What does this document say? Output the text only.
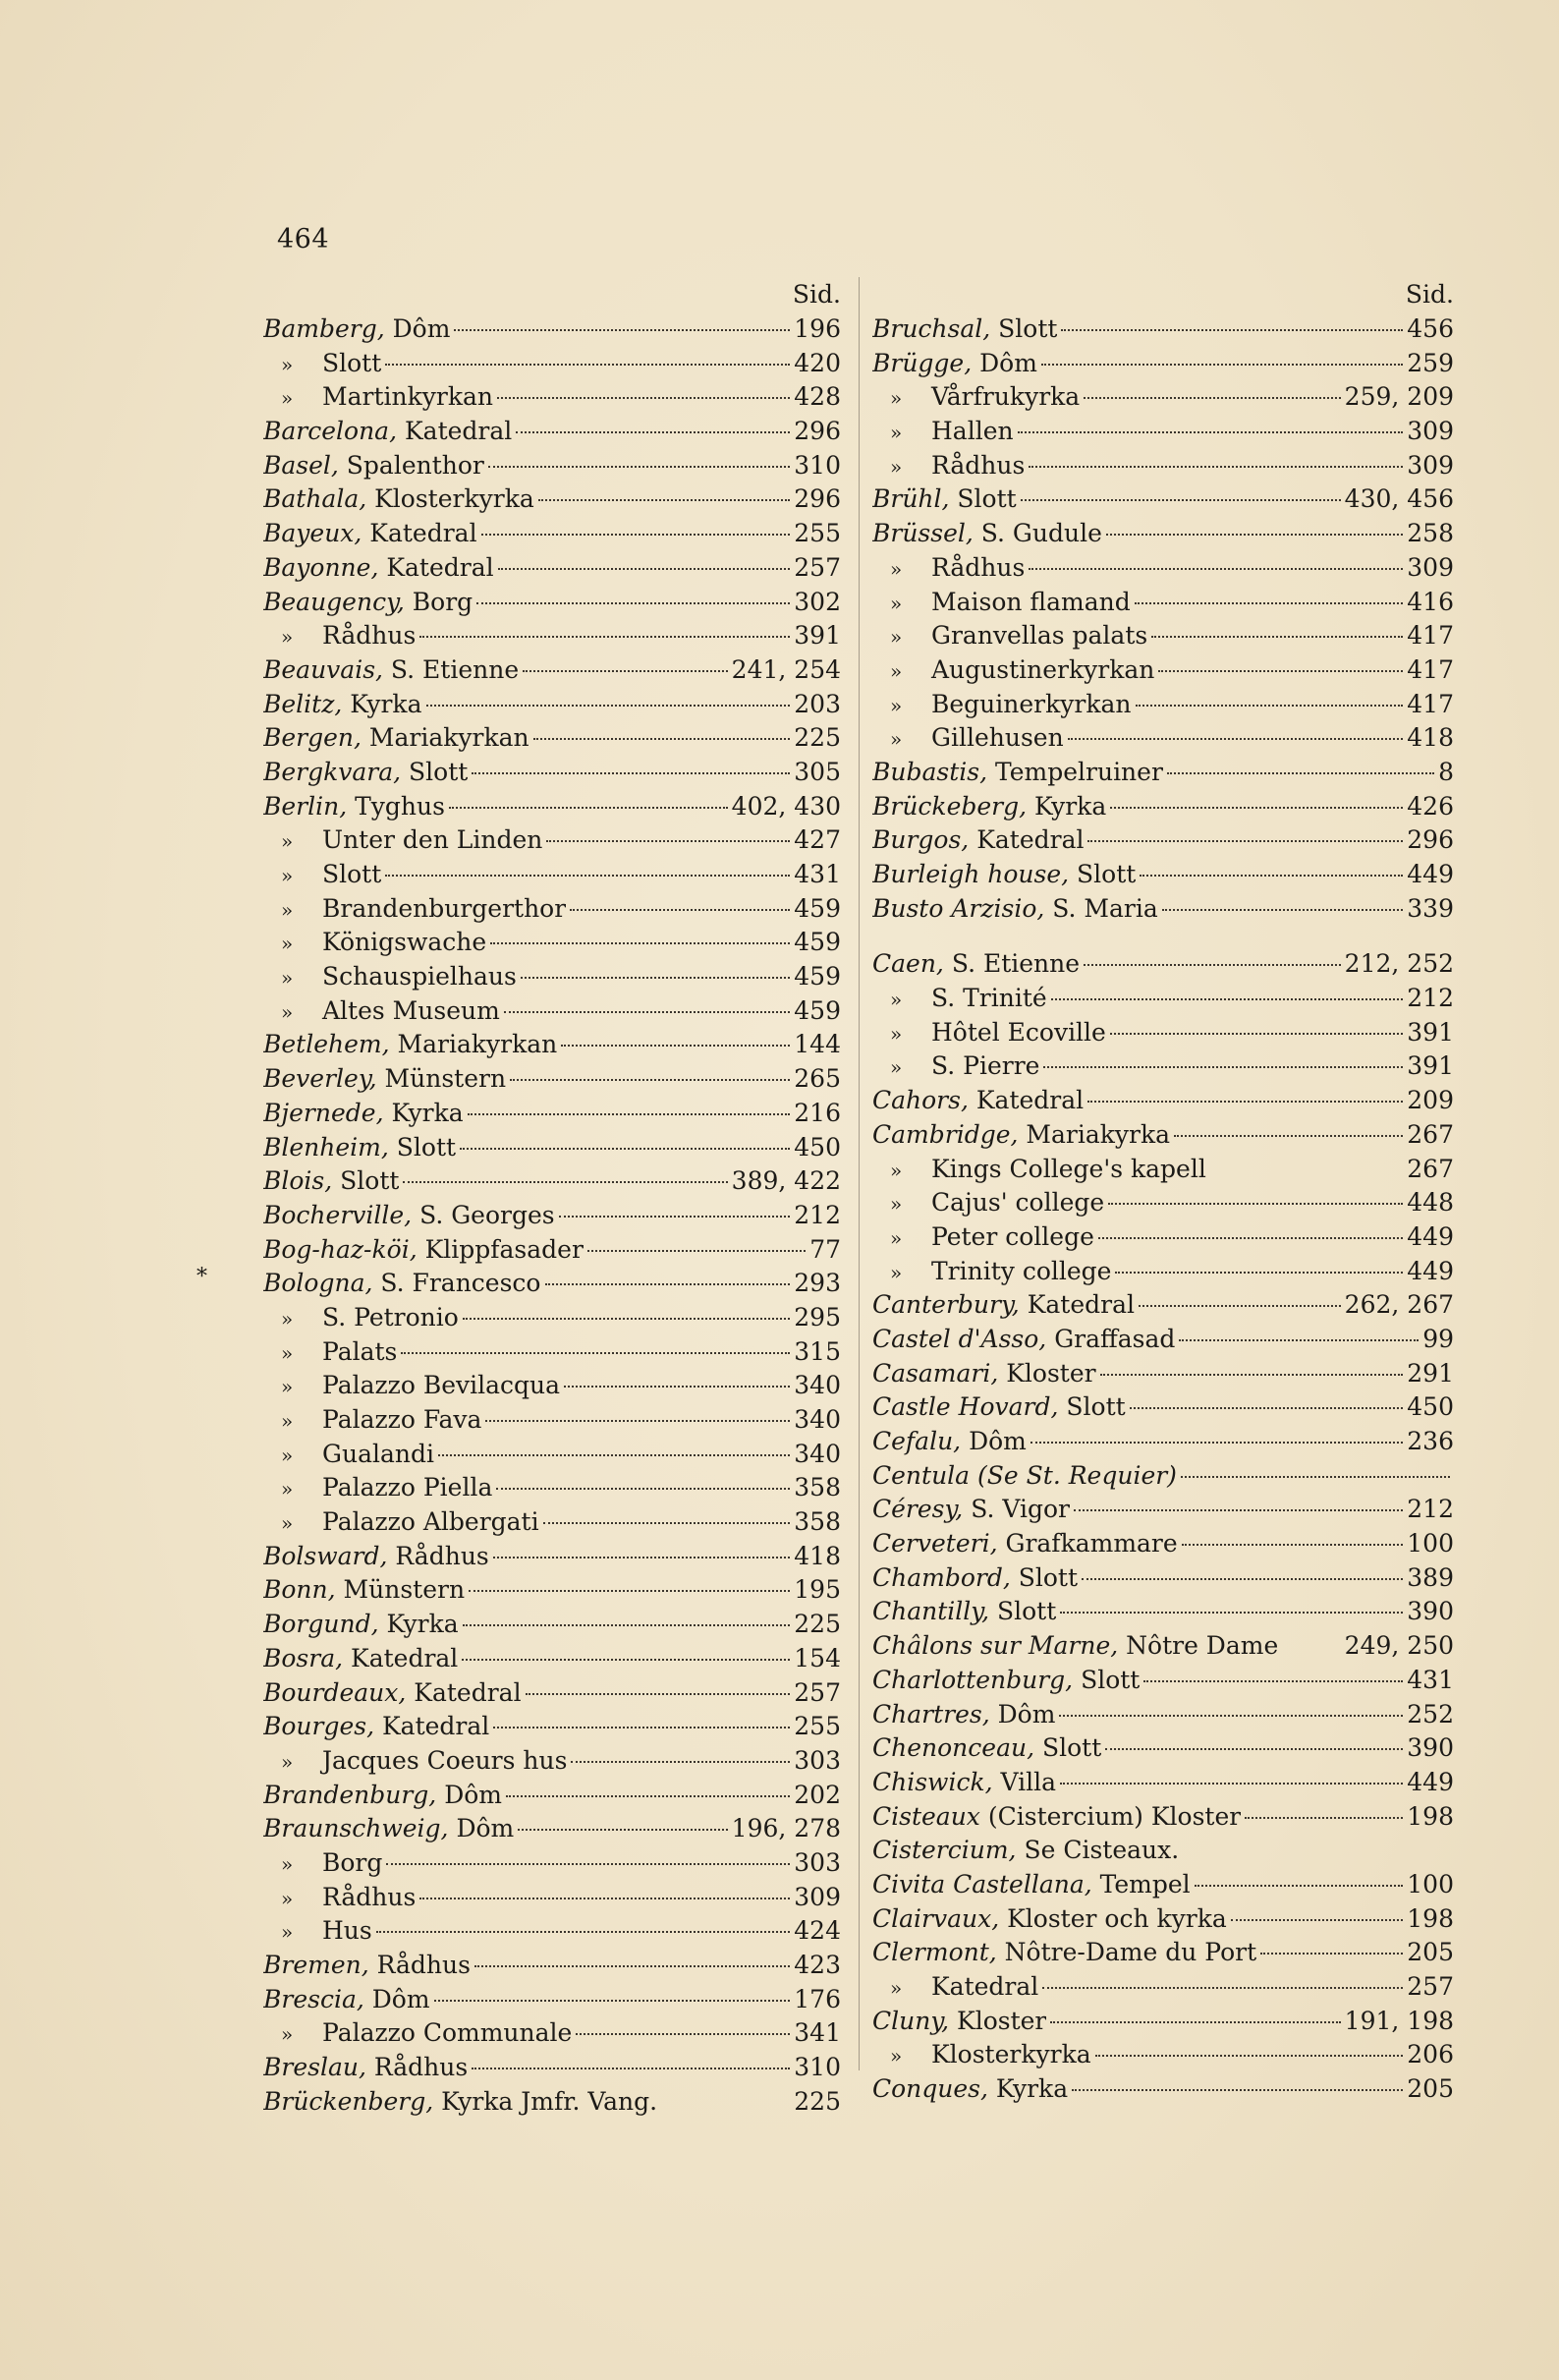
464
*
Sid.
Bamberg, Dôm	196
» Slott	420
» Martinkyrkan	428
Barcelona, Katedral	296
Basel, Spalenthor	310
Bathala, Klosterkyrka	296
Bayeux, Katedral	255
Bayonne, Katedral	257
Beaugency, Borg	302
» Rådhus	391
Beauvais, S. Etienne	241, 254
Belitz, Kyrka	203
Bergen, Mariakyrkan	225
Bergkvara, Slott	305
Berlin, Tyghus	402, 430
» Unter den Linden	427
» Slott	431
» Brandenburgerthor	459
» Königswache	459
» Schauspielhaus	459
» Altes Museum	459
Betlehem, Mariakyrkan	144
Beverley, Münstern	265
Bjernede, Kyrka	216
Blenheim, Slott	450
Blois, Slott	389, 422
Bocherville, S. Georges	212
Bog-haz-köi, Klippfasader	77
Bologna, S. Francesco	293
» S. Petronio	295
» Palats	315
» Palazzo Bevilacqua	340
» Palazzo Fava	340
» Gualandi	340
» Palazzo Piella	358
» Palazzo Albergati	358
Bolsward, Rådhus	418
Bonn, Münstern	195
Borgund, Kyrka	225
Bosra, Katedral	154
Bourdeaux, Katedral	257
Bourges, Katedral	255
» Jacques Coeurs hus	303
Brandenburg, Dôm	202
Braunschweig, Dôm	196, 278
» Borg	303
» Rådhus	309
» Hus	424
Bremen, Rådhus	423
Brescia, Dôm	176
» Palazzo Communale	341
Breslau, Rådhus	310
Brückenberg, Kyrka Jmfr. Vang.	225
Sid.
Bruchsal, Slott	456
Brügge, Dôm	259
» Vårfrukyrka	259, 209
» Hallen	309
» Rådhus	309
Brühl, Slott	430, 456
Brüssel, S. Gudule	258
» Rådhus	309
» Maison flamand	416
» Granvellas palats	417
» Augustinerkyrkan	417
» Beguinerkyrkan	417
» Gillehusen	418
Bubastis, Tempelruiner	8
Brückeberg, Kyrka	426
Burgos, Katedral	296
Burleigh house, Slott	449
Busto Arzisio, S. Maria	339
Caen, S. Etienne	212, 252
» S. Trinité	212
» Hôtel Ecoville	391
» S. Pierre	391
Cahors, Katedral	209
Cambridge, Mariakyrka	267
» Kings College's kapell	267
» Cajus' college	448
» Peter college	449
» Trinity college	449
Canterbury, Katedral	262, 267
Castel d'Asso, Graffasad	99
Casamari, Kloster	291
Castle Hovard, Slott	450
Cefalu, Dôm	236
Centula (Se St. Requier)
Céresy, S. Vigor	212
Cerveteri, Grafkammare	100
Chambord, Slott	389
Chantilly, Slott	390
Châlons sur Marne, Nôtre Dame	249, 250
Charlottenburg, Slott	431
Chartres, Dôm	252
Chenonceau, Slott	390
Chiswick, Villa	449
Cisteaux (Cistercium) Kloster	198
Cistercium, Se Cisteaux.
Civita Castellana, Tempel	100
Clairvaux, Kloster och kyrka	198
Clermont, Nôtre-Dame du Port	205
» Katedral	257
Cluny, Kloster	191, 198
» Klosterkyrka	206
Conques, Kyrka	205
